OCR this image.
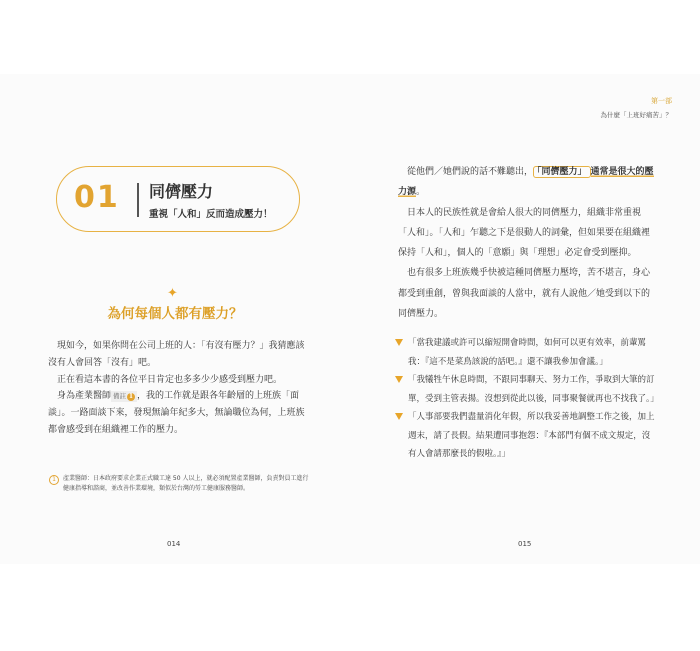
01 同儕壓力
重視「人和」反而造成壓力！
✦
為何每個人都有壓力？

現如今，如果你問在公司上班的人：「有沒有壓力？」我猜應該沒有人會回答「沒有」吧。

正在看這本書的各位平日肯定也多多少少感受到壓力吧。

身為產業醫師 備註 1 ，我的工作就是跟各年齡層的上班族「面談」。一路面談下來，發現無論年紀多大，無論職位為何，上班族都會感受到在組織裡工作的壓力。

1	產業醫師：日本政府要求企業正式職工達 50 人以上，就必須配置產業醫師，負責對員工進行健康指導和諮商，並改善作業環境，類似於台灣的勞工健康服務醫師。
014
第一部
為什麼「上班好痛苦」？

從他們／她們說的話不難聽出， 「同儕壓力」 通常是很大的壓力源。

日本人的民族性就是會給人很大的同儕壓力，組織非常重視「人和」。「人和」乍聽之下是很動人的詞彙，但如果要在組織裡保持「人和」，個人的「意願」與「理想」必定會受到壓抑。

也有很多上班族幾乎快被這種同儕壓力壓垮，苦不堪言，身心都受到重創，曾與我面談的人當中，就有人說他／她受到以下的同儕壓力。

「當我建議或許可以縮短開會時間，如何可以更有效率，前輩罵我：『這不是菜鳥該說的話吧。』還不讓我參加會議。」
「我犧牲午休息時間，不跟同事聊天、努力工作，爭取到大筆的訂單，受到主管表揚。沒想到從此以後，同事聚餐就再也不找我了。」
「人事部要我們盡量消化年假，所以我妥善地調整工作之後，加上週末，請了長假。結果遭同事抱怨：『本部門有個不成文規定，沒有人會請那麼長的假啦。』」
015
